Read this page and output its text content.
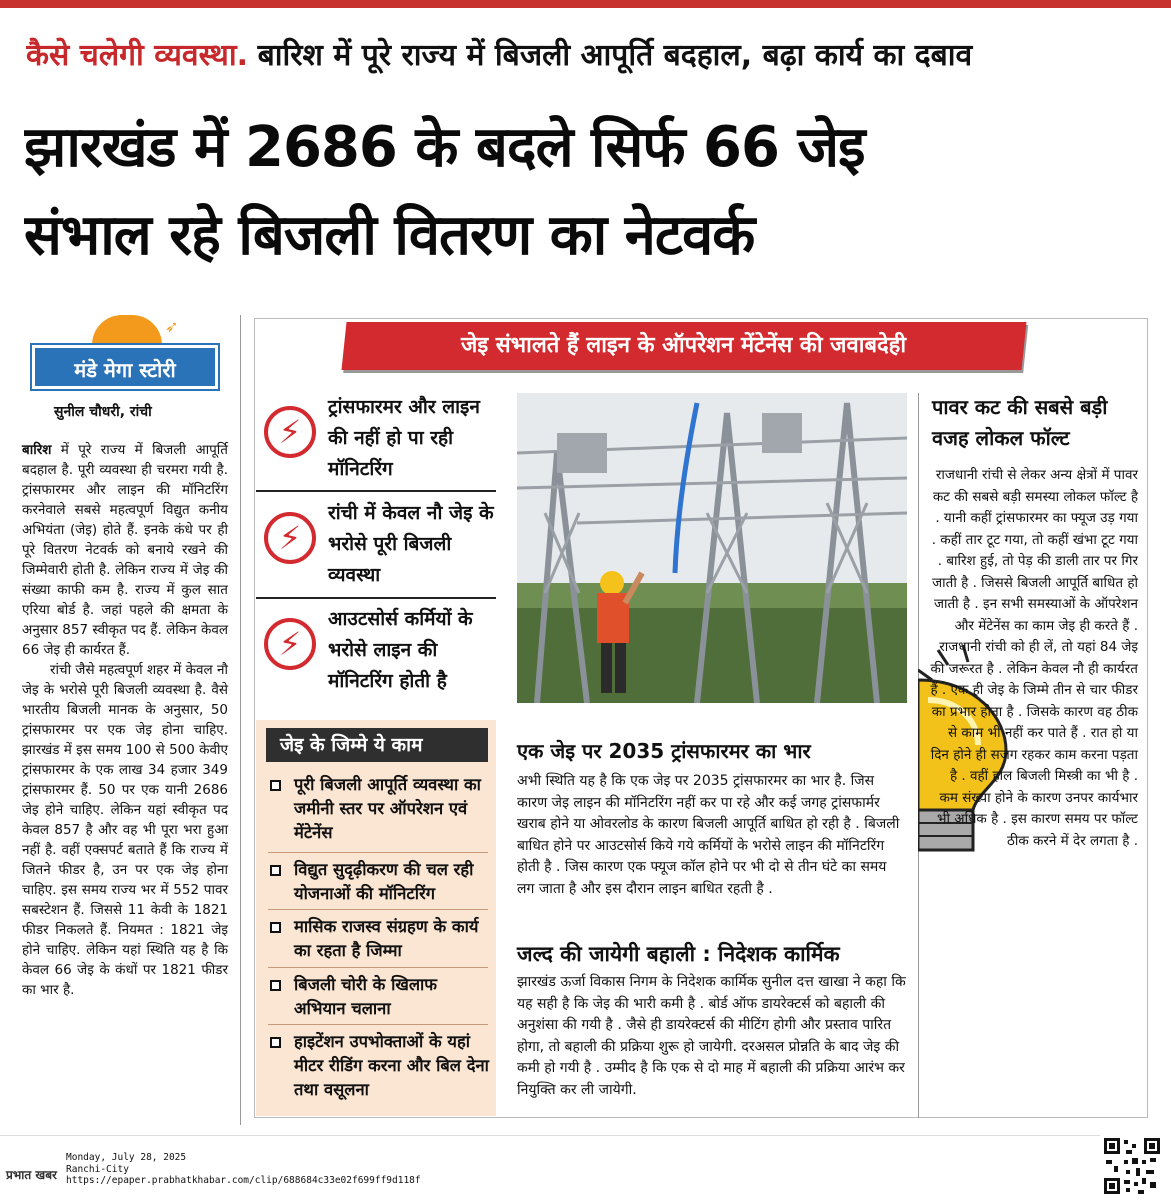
कैसे चलेगी व्यवस्था. बारिश में पूरे राज्य में बिजली आपूर्ति बदहाल, बढ़ा कार्य का दबाव
झारखंड में 2686 के बदले सिर्फ 66 जेइ
संभाल रहे बिजली वितरण का नेटवर्क
➶
मंडे मेगा स्टोरी
सुनील चौधरी, रांची

बारिश में पूरे राज्य में बिजली आपूर्ति बदहाल है. पूरी व्यवस्था ही चरमरा गयी है. ट्रांसफारमर और लाइन की मॉनिटरिंग करनेवाले सबसे महत्वपूर्ण विद्युत कनीय अभियंता (जेइ) होते हैं. इनके कंधे पर ही पूरे वितरण नेटवर्क को बनाये रखने की जिम्मेवारी होती है. लेकिन राज्य में जेइ की संख्या काफी कम है. राज्य में कुल सात एरिया बोर्ड है. जहां पहले की क्षमता के अनुसार 857 स्वीकृत पद हैं. लेकिन केवल 66 जेइ ही कार्यरत हैं.

रांची जैसे महत्वपूर्ण शहर में केवल नौ जेइ के भरोसे पूरी बिजली व्यवस्था है. वैसे भारतीय बिजली मानक के अनुसार, 50 ट्रांसफारमर पर एक जेइ होना चाहिए. झारखंड में इस समय 100 से 500 केवीए ट्रांसफारमर के एक लाख 34 हजार 349 ट्रांसफारमर हैं. 50 पर एक यानी 2686 जेइ होने चाहिए. लेकिन यहां स्वीकृत पद केवल 857 है और वह भी पूरा भरा हुआ नहीं है. वहीं एक्सपर्ट बताते हैं कि राज्य में जितने फीडर है, उन पर एक जेइ होना चाहिए. इस समय राज्य भर में 552 पावर सबस्टेशन हैं. जिससे 11 केवी के 1821 फीडर निकलते हैं. नियमत : 1821 जेइ होने चाहिए. लेकिन यहां स्थिति यह है कि केवल 66 जेइ के कंधों पर 1821 फीडर का भार है.

जेइ संभालते हैं लाइन के ऑपरेशन मेंटेनेंस की जवाबदेही
⚡
ट्रांसफारमर और लाइन की नहीं हो पा रही मॉनिटरिंग
⚡
रांची में केवल नौ जेइ के भरोसे पूरी बिजली व्यवस्था
⚡
आउटसोर्स कर्मियों के भरोसे लाइन की मॉनिटरिंग होती है
पावर कट की सबसे बड़ी वजह लोकल फॉल्ट
राजधानी रांची से लेकर अन्य क्षेत्रों में पावर कट की सबसे बड़ी समस्या लोकल फॉल्ट है . यानी कहीं ट्रांसफारमर का फ्यूज उड़ गया . कहीं तार टूट गया, तो कहीं खंभा टूट गया . बारिश हुई, तो पेड़ की डाली तार पर गिर जाती है . जिससे बिजली आपूर्ति बाधित हो जाती है . इन सभी समस्याओं के ऑपरेशन और मेंटेनेंस का काम जेइ ही करते हैं . राजधानी रांची को ही लें, तो यहां 84 जेइ की जरूरत है . लेकिन केवल नौ ही कार्यरत हैं . एक ही जेइ के जिम्मे तीन से चार फीडर का प्रभार होता है . जिसके कारण वह ठीक से काम भी नहीं कर पाते हैं . रात हो या दिन होने ही सजग रहकर काम करना पड़ता है . वहीं हाल बिजली मिस्त्री का भी है . कम संख्या होने के कारण उनपर कार्यभार भी अधिक है . इस कारण समय पर फॉल्ट ठीक करने में देर लगता है .
जेइ के जिम्मे ये काम
पूरी बिजली आपूर्ति व्यवस्था का जमीनी स्तर पर ऑपरेशन एवं मेंटेनेंस
विद्युत सुदृढ़ीकरण की चल रही योजनाओं की मॉनिटरिंग
मासिक राजस्व संग्रहण के कार्य का रहता है जिम्मा
बिजली चोरी के खिलाफ अभियान चलाना
हाइटेंशन उपभोक्ताओं के यहां मीटर रीडिंग करना और बिल देना तथा वसूलना
एक जेइ पर 2035 ट्रांसफारमर का भार
अभी स्थिति यह है कि एक जेइ पर 2035 ट्रांसफारमर का भार है. जिस कारण जेइ लाइन की मॉनिटरिंग नहीं कर पा रहे और कई जगह ट्रांसफार्मर खराब होने या ओवरलोड के कारण बिजली आपूर्ति बाधित हो रही है . बिजली बाधित होने पर आउटसोर्स किये गये कर्मियों के भरोसे लाइन की मॉनिटरिंग होती है . जिस कारण एक फ्यूज कॉल होने पर भी दो से तीन घंटे का समय लग जाता है और इस दौरान लाइन बाधित रहती है .
जल्द की जायेगी बहाली : निदेशक कार्मिक
झारखंड ऊर्जा विकास निगम के निदेशक कार्मिक सुनील दत्त खाखा ने कहा कि यह सही है कि जेइ की भारी कमी है . बोर्ड ऑफ डायरेक्टर्स को बहाली की अनुशंसा की गयी है . जैसे ही डायरेक्टर्स की मीटिंग होगी और प्रस्ताव पारित होगा, तो बहाली की प्रक्रिया शुरू हो जायेगी. दरअसल प्रोन्नति के बाद जेइ की कमी हो गयी है . उम्मीद है कि एक से दो माह में बहाली की प्रक्रिया आरंभ कर नियुक्ति कर ली जायेगी.
प्रभात खबर
Monday, July 28, 2025
Ranchi-City
https://epaper.prabhatkhabar.com/clip/688684c33e02f699ff9d118f
